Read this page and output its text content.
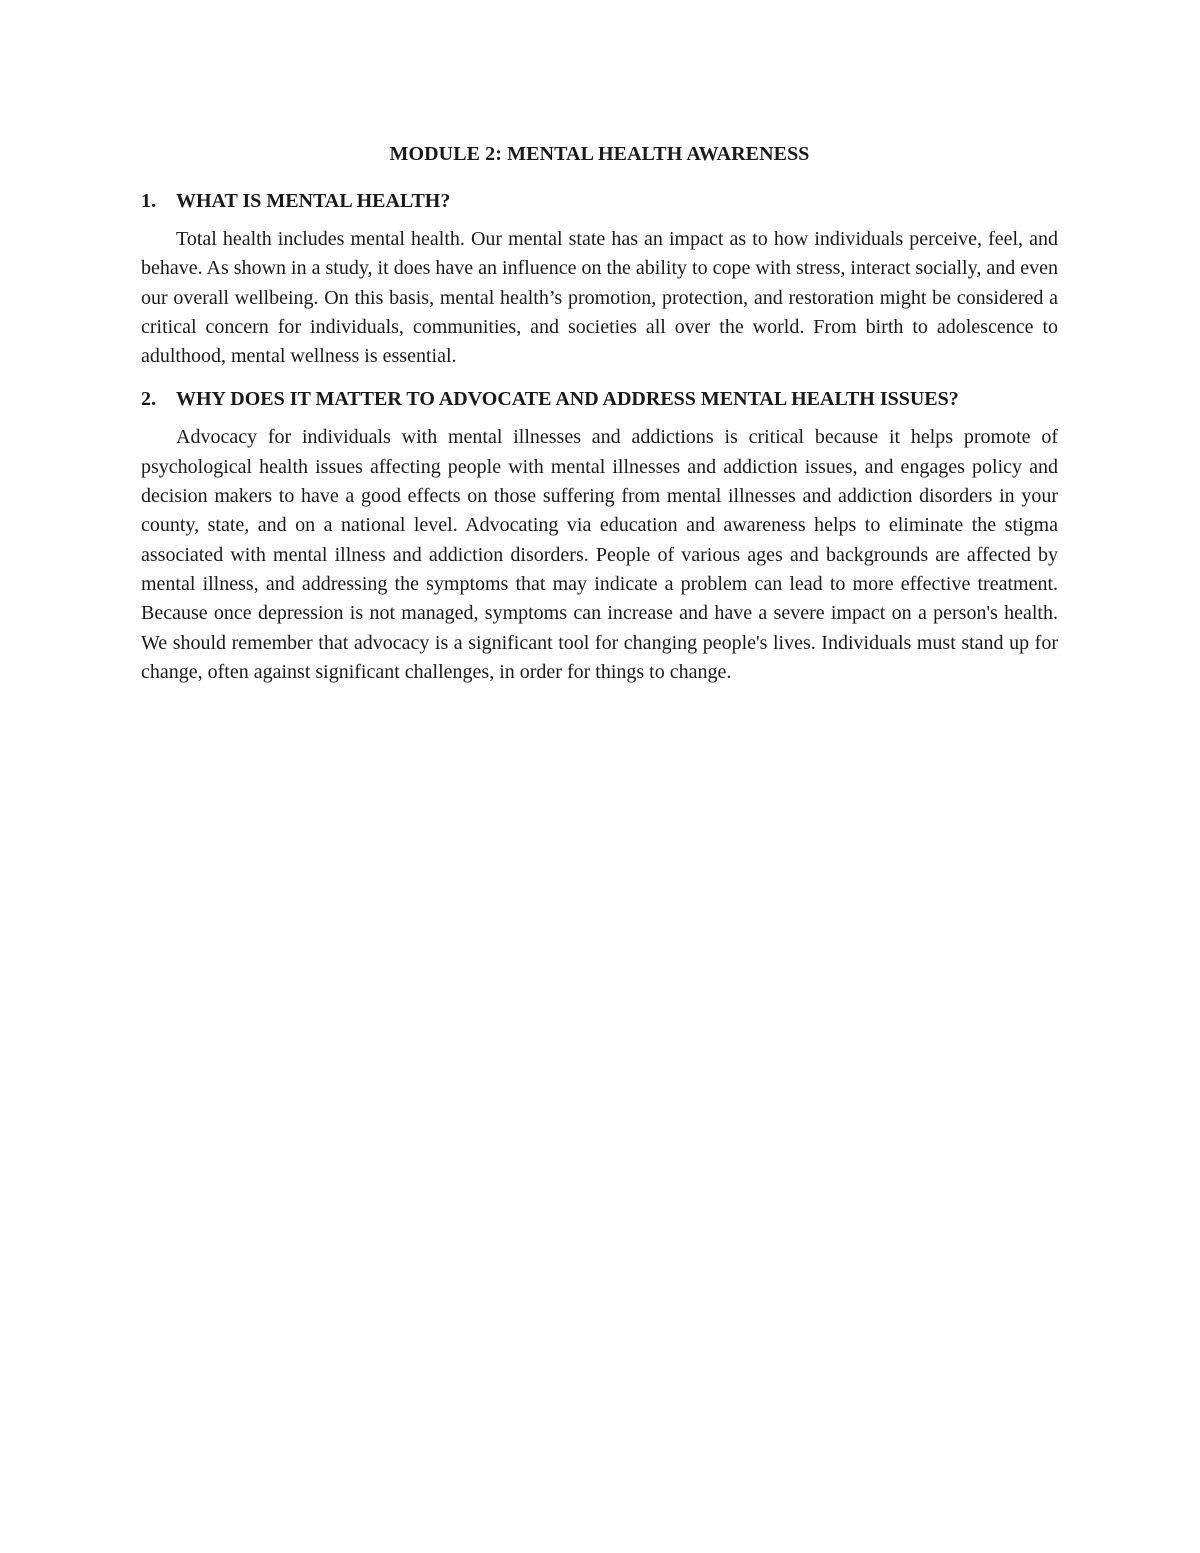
MODULE 2: MENTAL HEALTH AWARENESS
1.	WHAT IS MENTAL HEALTH?

Total health includes mental health. Our mental state has an impact as to how individuals perceive, feel, and behave. As shown in a study, it does have an influence on the ability to cope with stress, interact socially, and even our overall wellbeing. On this basis, mental health’s promotion, protection, and restoration might be considered a critical concern for individuals, communities, and societies all over the world. From birth to adolescence to adulthood, mental wellness is essential.

2.	WHY DOES IT MATTER TO ADVOCATE AND ADDRESS MENTAL HEALTH ISSUES?

Advocacy for individuals with mental illnesses and addictions is critical because it helps promote of psychological health issues affecting people with mental illnesses and addiction issues, and engages policy and decision makers to have a good effects on those suffering from mental illnesses and addiction disorders in your county, state, and on a national level. Advocating via education and awareness helps to eliminate the stigma associated with mental illness and addiction disorders. People of various ages and backgrounds are affected by mental illness, and addressing the symptoms that may indicate a problem can lead to more effective treatment. Because once depression is not managed, symptoms can increase and have a severe impact on a person's health. We should remember that advocacy is a significant tool for changing people's lives. Individuals must stand up for change, often against significant challenges, in order for things to change.
